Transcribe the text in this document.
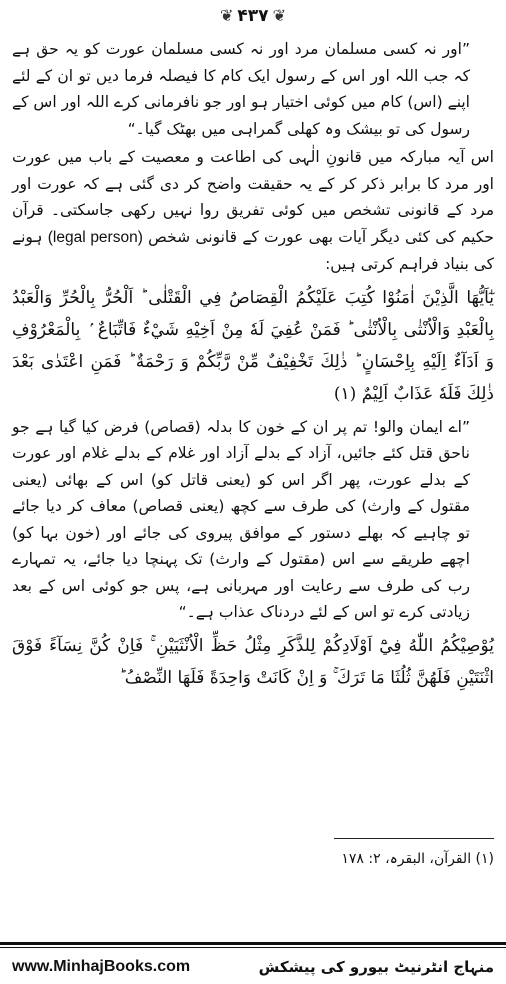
❦ ۴۳۷ ❦

”اور نہ کسی مسلمان مرد اور نہ کسی مسلمان عورت کو یہ حق ہے کہ جب اللہ اور اس کے رسول ایک کام کا فیصلہ فرما دیں تو ان کے لئے اپنے (اس) کام میں کوئی اختیار ہو اور جو نافرمانی کرے اللہ اور اس کے رسول کی تو بیشک وہ کھلی گمراہی میں بھٹک گیا۔“

اس آیہ مبارکہ میں قانونِ الٰہی کی اطاعت و معصیت کے باب میں عورت اور مرد کا برابر ذکر کر کے یہ حقیقت واضح کر دی گئی ہے کہ عورت اور مرد کے قانونی تشخص میں کوئی تفریق روا نہیں رکھی جاسکتی۔ قرآن حکیم کی کئی دیگر آیات بھی عورت کے قانونی شخص (legal person) ہونے کی بنیاد فراہم کرتی ہیں:

يٰٓاَيُّهَا الَّذِيْنَ اٰمَنُوْا كُتِبَ عَلَيْكُمُ الْقِصَاصُ فِي الْقَتْلٰى ؕ اَلْحُرُّ بِالْحُرِّ وَالْعَبْدُ بِالْعَبْدِ وَالْاُنْثٰى بِالْاُنْثٰى ؕ فَمَنْ عُفِيَ لَهٗ مِنْ اَخِيْهِ شَيْءٌ فَاتِّبَاعٌ ۢ بِالْمَعْرُوْفِ وَ اَدَآءٌ اِلَيْهِ بِاِحْسَانٍ ؕ ذٰلِكَ تَخْفِيْفٌ مِّنْ رَّبِّكُمْ وَ رَحْمَةٌ ؕ فَمَنِ اعْتَدٰى بَعْدَ ذٰلِكَ فَلَهٗ عَذَابٌ اَلِيْمٌ (۱)

”اے ایمان والو! تم پر ان کے خون کا بدلہ (قصاص) فرض کیا گیا ہے جو ناحق قتل کئے جائیں، آزاد کے بدلے آزاد اور غلام کے بدلے غلام اور عورت کے بدلے عورت، پھر اگر اس کو (یعنی قاتل کو) اس کے بھائی (یعنی مقتول کے وارث) کی طرف سے کچھ (یعنی قصاص) معاف کر دیا جائے تو چاہیے کہ بھلے دستور کے موافق پیروی کی جائے اور (خون بہا کو) اچھے طریقے سے اس (مقتول کے وارث) تک پہنچا دیا جائے، یہ تمہارے رب کی طرف سے رعایت اور مہربانی ہے، پس جو کوئی اس کے بعد زیادتی کرے تو اس کے لئے دردناک عذاب ہے۔“

يُوْصِيْكُمُ اللّٰهُ فِيْٓ اَوْلَادِكُمْ لِلذَّكَرِ مِثْلُ حَظِّ الْاُنْثَيَيْنِ ۚ فَاِنْ كُنَّ نِسَآءً فَوْقَ اثْنَتَيْنِ فَلَهُنَّ ثُلُثَا مَا تَرَكَ ۚ وَ اِنْ كَانَتْ وَاحِدَةً فَلَهَا النِّصْفُ ؕ

(۱) القرآن، البقرہ، ۲: ۱۷۸
www.MinhajBooks.com	منہاج انٹرنیٹ بیورو کی پیشکش
